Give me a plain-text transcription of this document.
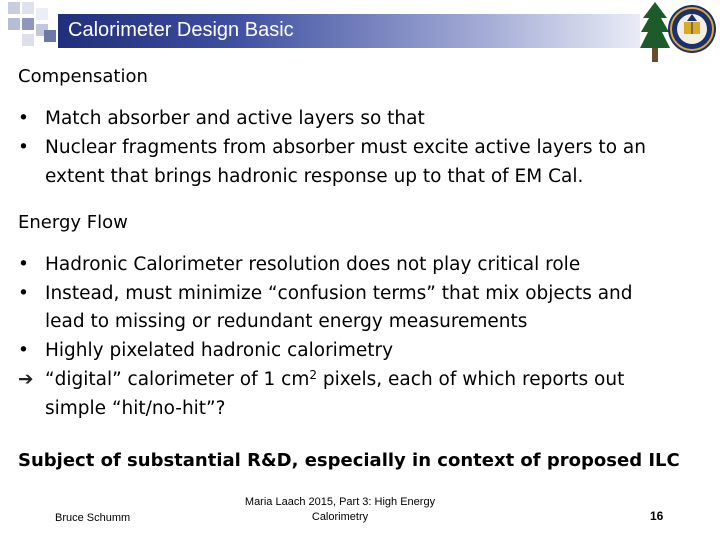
Calorimeter Design Basic
Compensation
• Match absorber and active layers so that
• Nuclear fragments from absorber must excite active layers to an
extent that brings hadronic response up to that of EM Cal.
Energy Flow
• Hadronic Calorimeter resolution does not play critical role
• Instead, must minimize “confusion terms” that mix objects and
lead to missing or redundant energy measurements
• Highly pixelated hadronic calorimetry
➔ “digital” calorimeter of 1 $cm^2$ pixels, each of which reports out
simple “hit/no-hit”?
Subject of substantial R&D, especially in context of proposed ILC
Bruce Schumm
Maria Laach 2015, Part 3: High Energy
Calorimetry	16
